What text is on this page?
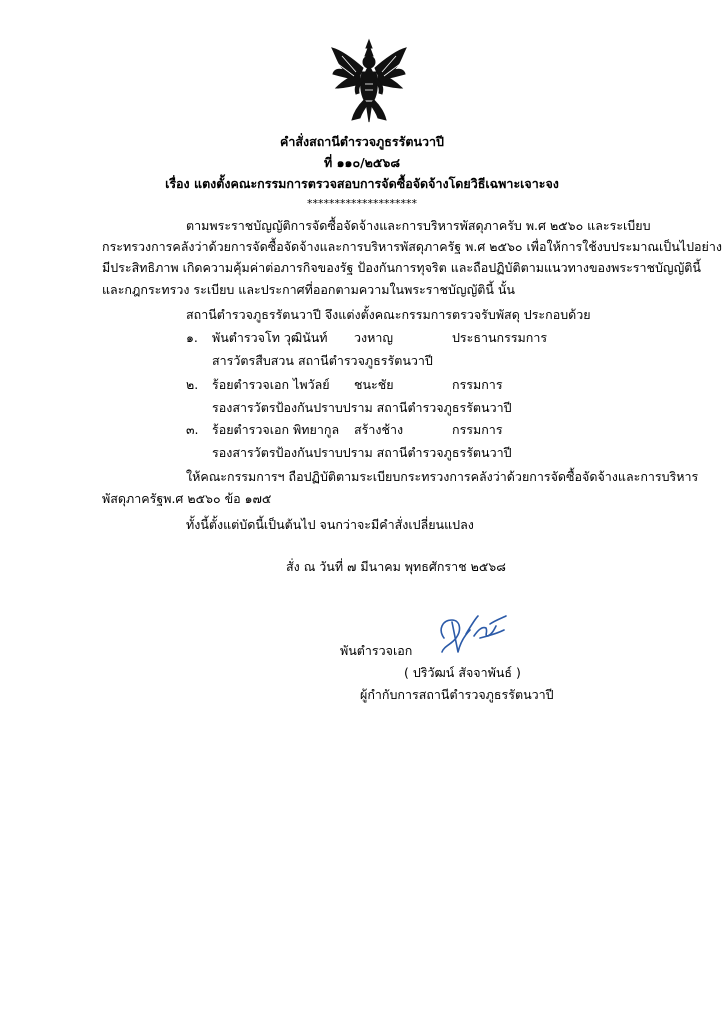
คำสั่งสถานีตำรวจภูธรรัตนวาปี
ที่ ๑๑๐/๒๕๖๘
เรื่อง แตงตั้งคณะกรรมการตรวจสอบการจัดซื้อจัดจ้างโดยวิธีเฉพาะเจาะจง
********************
ตามพระราชบัญญัติการจัดซื้อจัดจ้างและการบริหารพัสดุภาครับ พ.ศ ๒๕๖๐ และระเบียบ
กระทรวงการคลังว่าด้วยการจัดซื้อจัดจ้างและการบริหารพัสดุภาครัฐ พ.ศ ๒๕๖๐ เพื่อให้การใช้งบประมาณเป็นไปอย่าง
มีประสิทธิภาพ เกิดความคุ้มค่าต่อภารกิจของรัฐ ป้องกันการทุจริต และถือปฏิบัติตามแนวทางของพระราชบัญญัตินี้
และกฎกระทรวง ระเบียบ และประกาศที่ออกตามความในพระราชบัญญัตินี้ นั้น
สถานีตำรวจภูธรรัตนวาปี จึงแต่งตั้งคณะกรรมการตรวจรับพัสดุ ประกอบด้วย
๑. พันตำรวจโท วุฒินันท์ วงหาญ	ประธานกรรมการ
สารวัตรสืบสวน สถานีตำรวจภูธรรัตนวาปี
๒. ร้อยตำรวจเอก ไพวัลย์ ชนะชัย	กรรมการ
รองสารวัตรป้องกันปราบปราม สถานีตำรวจภูธรรัตนวาปี
๓. ร้อยตำรวจเอก พิทยากูล สร้างช้าง	กรรมการ
รองสารวัตรป้องกันปราบปราม สถานีตำรวจภูธรรัตนวาปี
ให้คณะกรรมการฯ ถือปฏิบัติตามระเบียบกระทรวงการคลังว่าด้วยการจัดซื้อจัดจ้างและการบริหาร
พัสดุภาครัฐพ.ศ ๒๕๖๐ ข้อ ๑๗๕
ทั้งนี้ตั้งแต่บัดนี้เป็นต้นไป จนกว่าจะมีคำสั่งเปลี่ยนแปลง
สั่ง ณ วันที่ ๗ มีนาคม พุทธศักราช ๒๕๖๘
พันตำรวจเอก
( ปริวัฒน์ สัจจาพันธ์ )
ผู้กำกับการสถานีตำรวจภูธรรัตนวาปี
